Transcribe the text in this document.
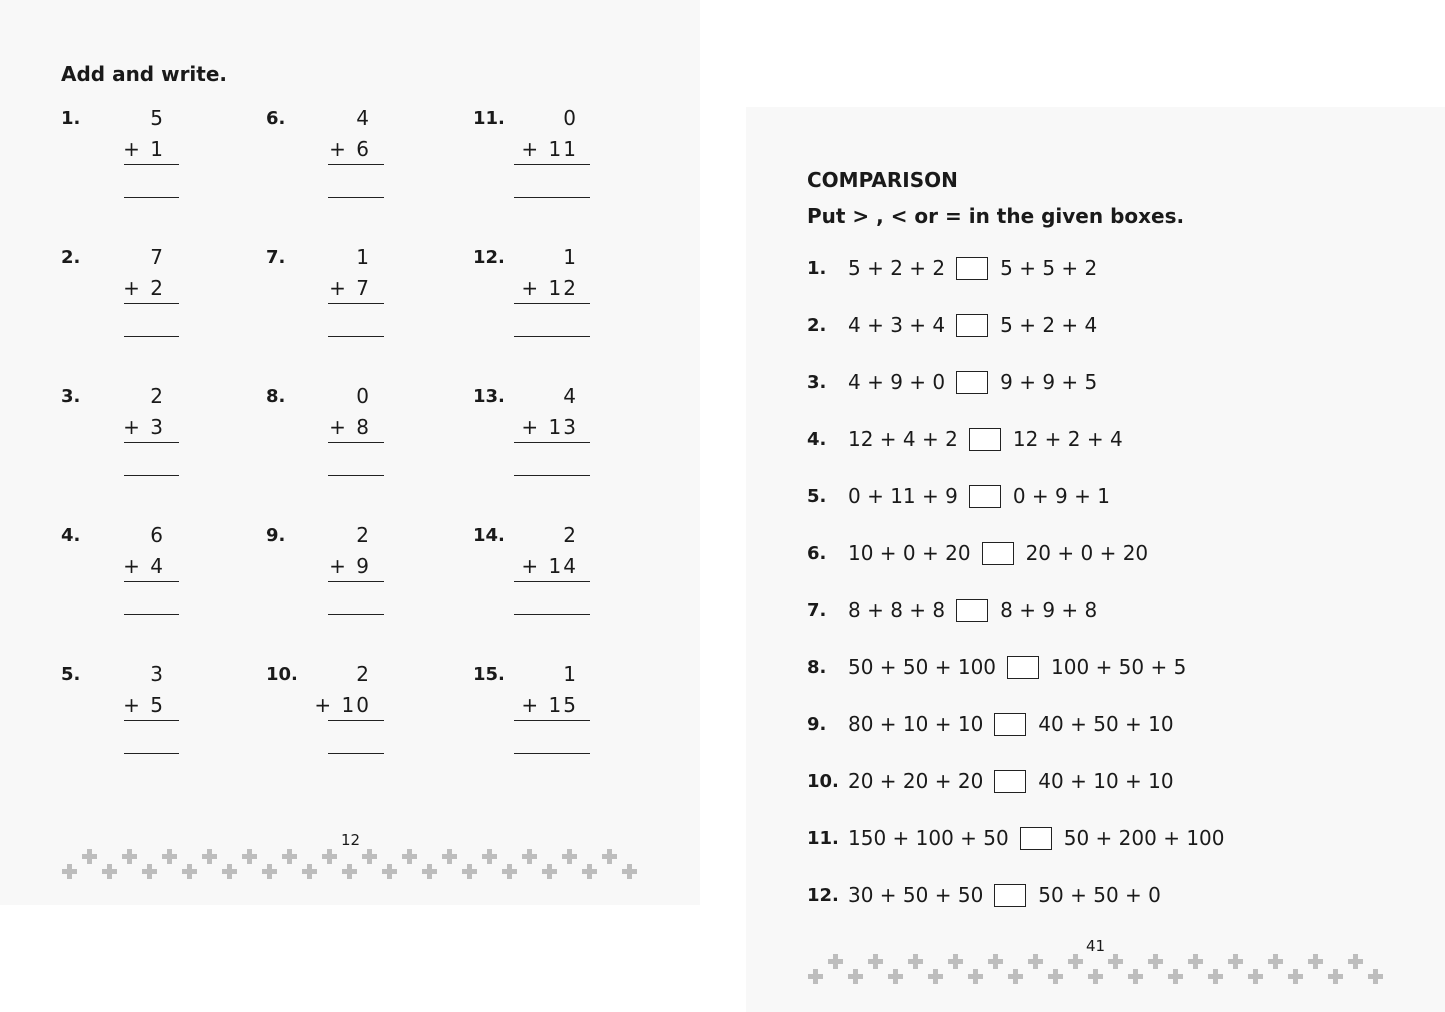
Add and write.
1.	5
+ 1
2.	7
+ 2
3.	2
+ 3
4.	6
+ 4
5.	3
+ 5
6.	4
+ 6
7.	1
+ 7
8.	0
+ 8
9.	2
+ 9
10.	2
+ 10
11.	0
+ 11
12.	1
+ 12
13.	4
+ 13
14.	2
+ 14
15.	1
+ 15
12
COMPARISON
Put > , < or = in the given boxes.
1.	5 + 2 + 2	5 + 5 + 2
2.	4 + 3 + 4	5 + 2 + 4
3.	4 + 9 + 0	9 + 9 + 5
4.	12 + 4 + 2	12 + 2 + 4
5.	0 + 11 + 9	0 + 9 + 1
6.	10 + 0 + 20	20 + 0 + 20
7.	8 + 8 + 8	8 + 9 + 8
8.	50 + 50 + 100	100 + 50 + 5
9.	80 + 10 + 10	40 + 50 + 10
10. 20 + 20 + 20	40 + 10 + 10
11. 150 + 100 + 50	50 + 200 + 100
12. 30 + 50 + 50	50 + 50 + 0
41
